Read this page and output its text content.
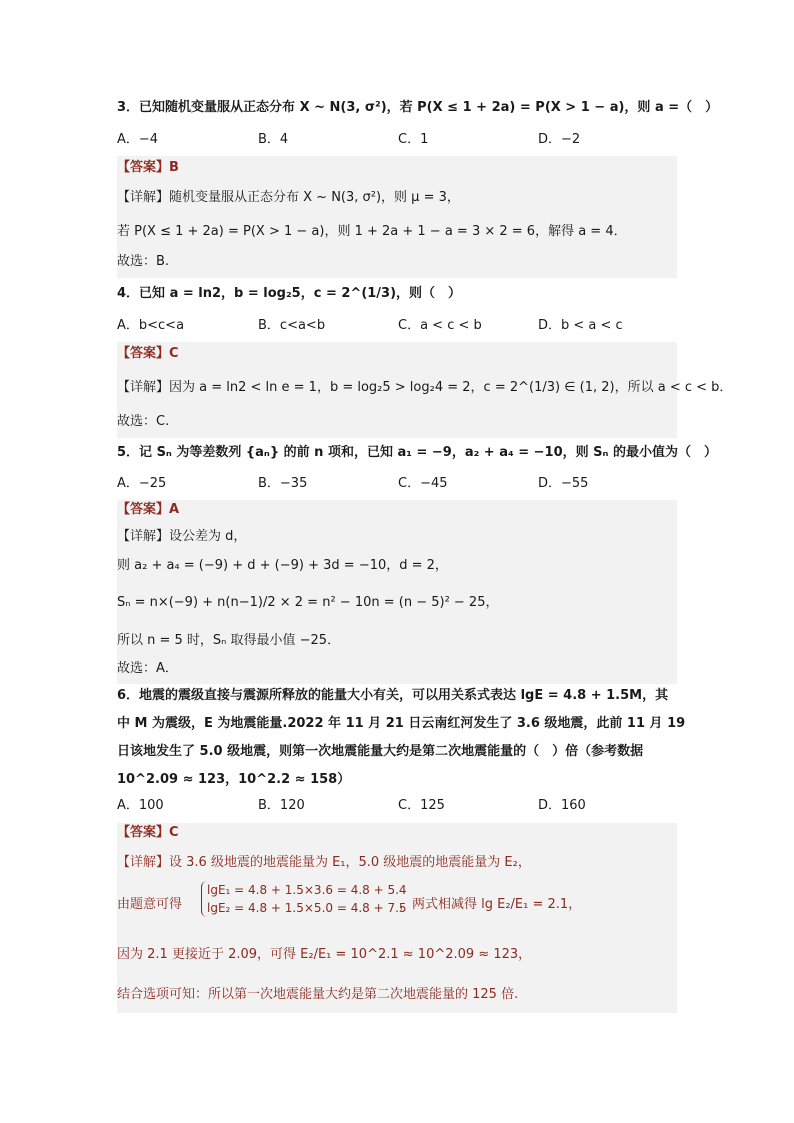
3．已知随机变量服从正态分布 X ~ N(3, σ²)，若 P(X ≤ 1 + 2a) = P(X > 1 − a)，则 a =（　）
A．−4	B．4	C．1	D．−2
【答案】B
【详解】随机变量服从正态分布 X ~ N(3, σ²)，则 μ = 3，
若 P(X ≤ 1 + 2a) = P(X > 1 − a)，则 1 + 2a + 1 − a = 3 × 2 = 6，解得 a = 4．
故选：B.
4．已知 a = ln2，b = log₂5，c = 2^(1/3)，则（　）
A．b<c<a	B．c<a<b	C．a < c < b	D．b < a < c
【答案】C
【详解】因为 a = ln2 < ln e = 1，b = log₂5 > log₂4 = 2，c = 2^(1/3) ∈ (1, 2)，所以 a < c < b．
故选：C.
5．记 Sₙ 为等差数列 {aₙ} 的前 n 项和，已知 a₁ = −9，a₂ + a₄ = −10，则 Sₙ 的最小值为（　）
A．−25	B．−35	C．−45	D．−55
【答案】A
【详解】设公差为 d，
则 a₂ + a₄ = (−9) + d + (−9) + 3d = −10，d = 2，
Sₙ = n×(−9) + n(n−1)/2 × 2 = n² − 10n = (n − 5)² − 25，
所以 n = 5 时，Sₙ 取得最小值 −25．
故选：A．
6．地震的震级直接与震源所释放的能量大小有关，可以用关系式表达 lgE = 4.8 + 1.5M，其
中 M 为震级，E 为地震能量.2022 年 11 月 21 日云南红河发生了 3.6 级地震，此前 11 月 19
日该地发生了 5.0 级地震，则第一次地震能量大约是第二次地震能量的（　）倍（参考数据
10^2.09 ≈ 123，10^2.2 ≈ 158）
A．100	B．120	C．125	D．160
【答案】C
【详解】设 3.6 级地震的地震能量为 E₁，5.0 级地震的地震能量为 E₂，
由题意可得
lgE₁ = 4.8 + 1.5×3.6 = 4.8 + 5.4
lgE₂ = 4.8 + 1.5×5.0 = 4.8 + 7.5
，两式相减得 lg E₂/E₁ = 2.1，
因为 2.1 更接近于 2.09，可得 E₂/E₁ = 10^2.1 ≈ 10^2.09 ≈ 123，
结合选项可知：所以第一次地震能量大约是第二次地震能量的 125 倍.
